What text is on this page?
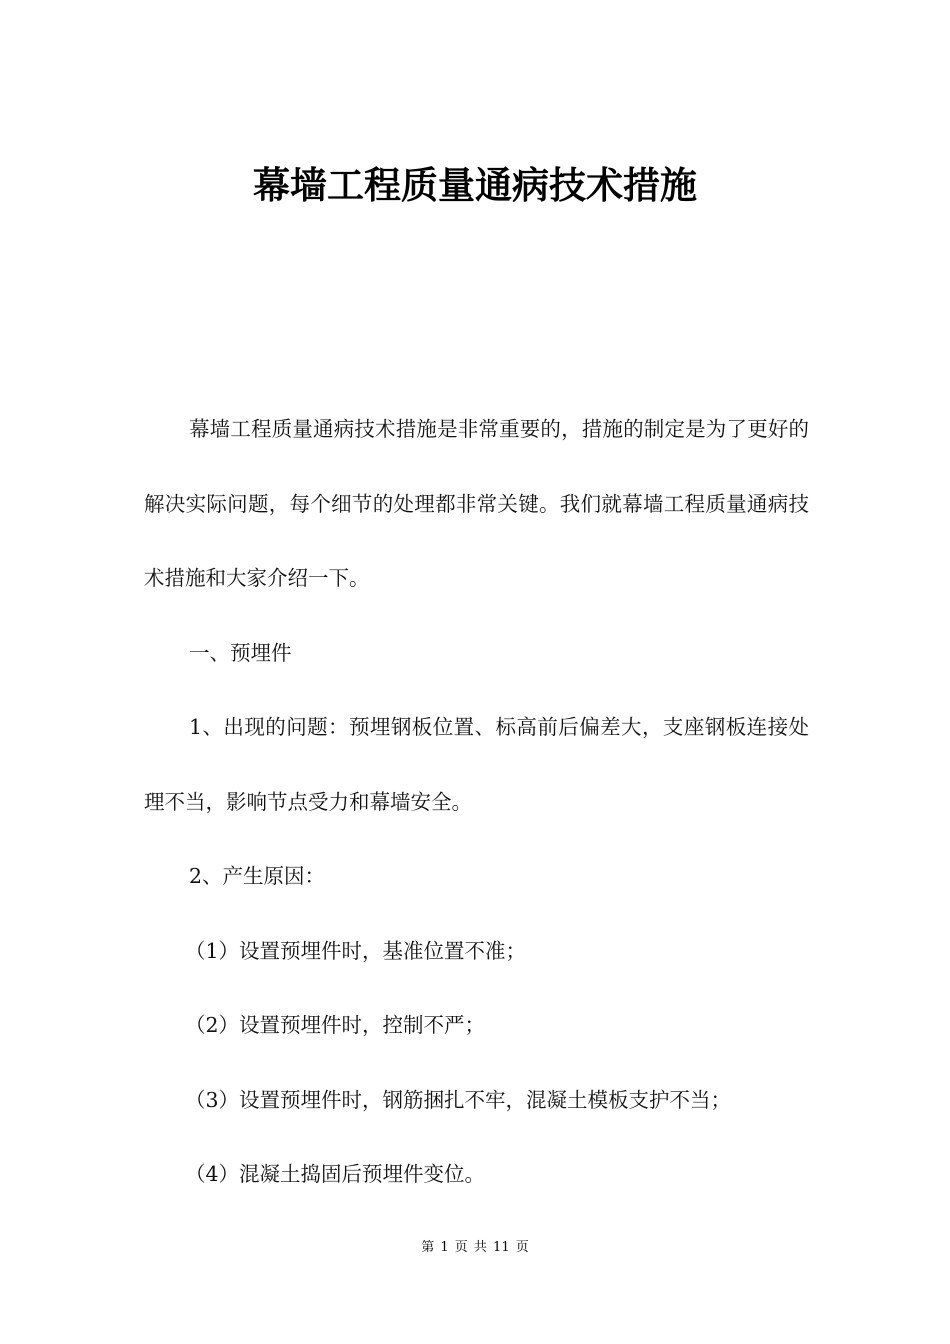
幕墙工程质量通病技术措施

幕墙工程质量通病技术措施是非常重要的，措施的制定是为了更好的解决实际问题，每个细节的处理都非常关键。我们就幕墙工程质量通病技术措施和大家介绍一下。

一、预埋件

1、出现的问题：预埋钢板位置、标高前后偏差大，支座钢板连接处理不当，影响节点受力和幕墙安全。

2、产生原因：

（1）设置预埋件时，基准位置不准；

（2）设置预埋件时，控制不严；

（3）设置预埋件时，钢筋捆扎不牢，混凝土模板支护不当；

（4）混凝土捣固后预埋件变位。

第 1 页 共 11 页
